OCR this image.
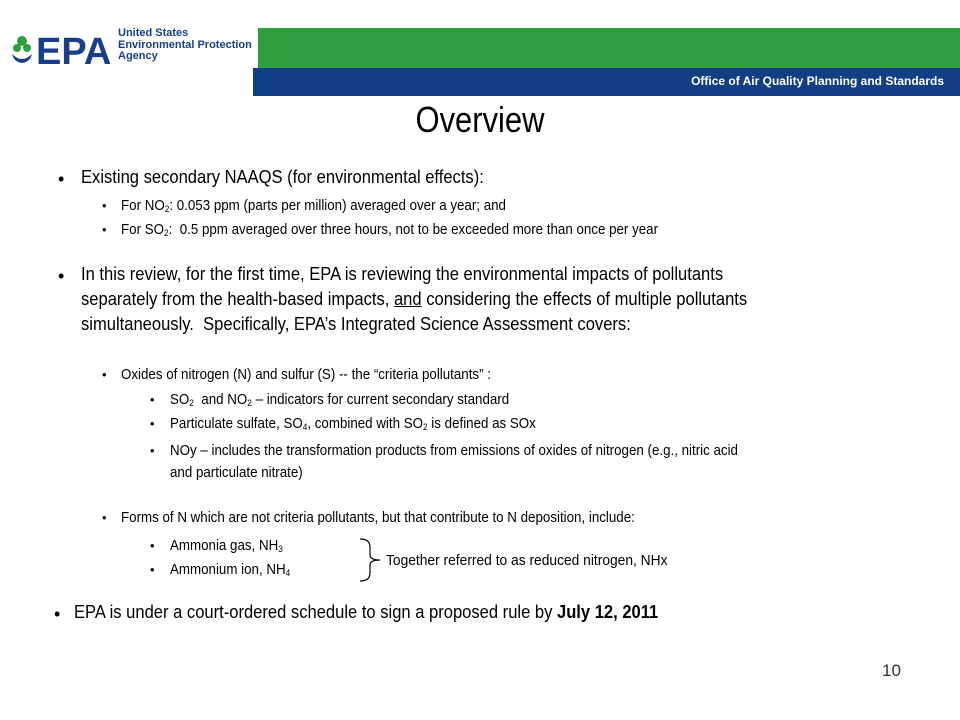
EPA United States
Environmental Protection
Agency
Office of Air Quality Planning and Standards
Overview
• Existing secondary NAAQS (for environmental effects):
• For $NO_2$: 0.053 ppm (parts per million) averaged over a year; and
• For $SO_2$:  0.5 ppm averaged over three hours, not to be exceeded more than once per year
• In this review, for the first time, EPA is reviewing the environmental impacts of pollutants
separately from the health-based impacts, and considering the effects of multiple pollutants
simultaneously.  Specifically, EPA’s Integrated Science Assessment covers:
• Oxides of nitrogen (N) and sulfur (S) -- the “criteria pollutants” :
• $SO_2$  and $NO_2$ – indicators for current secondary standard
• Particulate sulfate, $SO_4$, combined with $SO_2$ is defined as SOx
• NOy – includes the transformation products from emissions of oxides of nitrogen (e.g., nitric acid
and particulate nitrate)
• Forms of N which are not criteria pollutants, but that contribute to N deposition, include:
• Ammonia gas, $NH_3$
• Ammonium ion, $NH_4$
• EPA is under a court-ordered schedule to sign a proposed rule by July 12, 2011
Together referred to as reduced nitrogen, NHx
10
